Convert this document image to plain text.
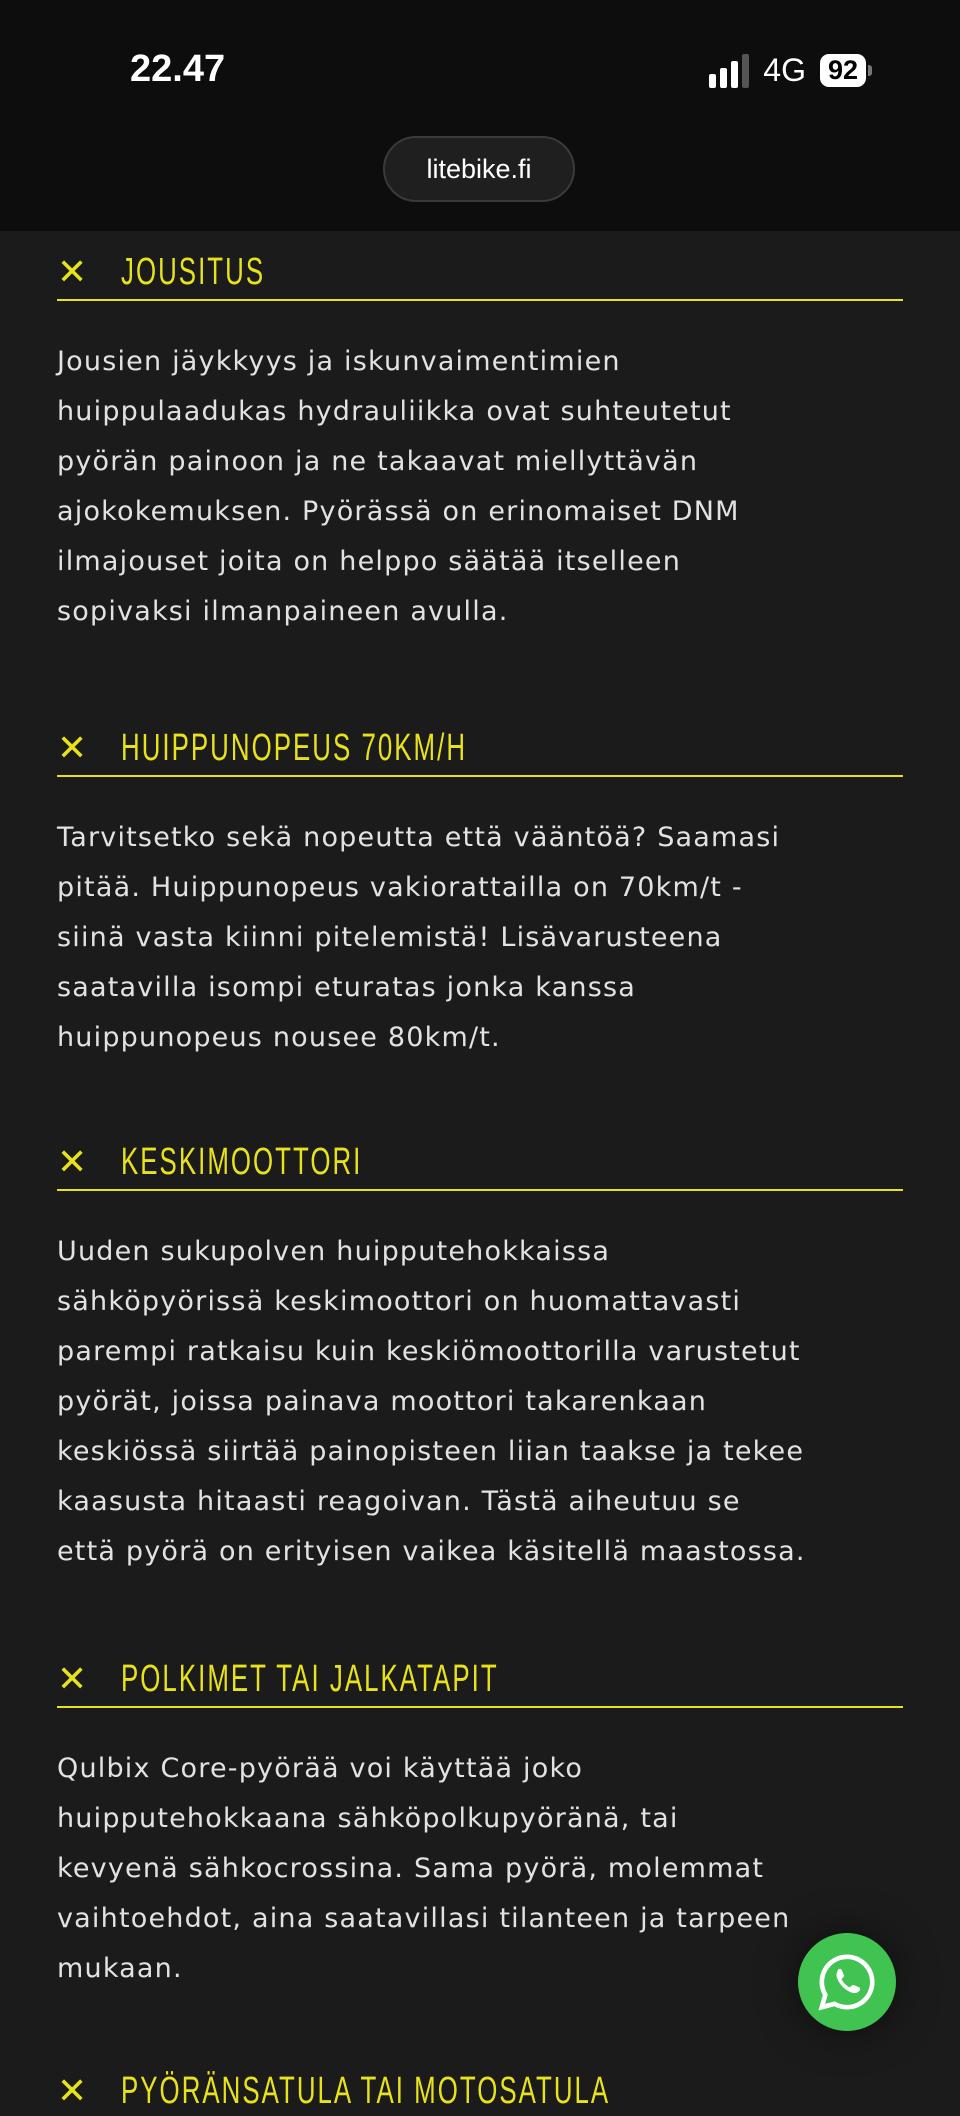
22.47	4G 92
litebike.fi
✕ JOUSITUS
Jousien jäykkyys ja iskunvaimentimien
huippulaadukas hydrauliikka ovat suhteutetut
pyörän painoon ja ne takaavat miellyttävän
ajokokemuksen. Pyörässä on erinomaiset DNM
ilmajouset joita on helppo säätää itselleen
sopivaksi ilmanpaineen avulla.
✕ HUIPPUNOPEUS 70KM/H
Tarvitsetko sekä nopeutta että vääntöä? Saamasi
pitää. Huippunopeus vakiorattailla on 70km/t -
siinä vasta kiinni pitelemistä! Lisävarusteena
saatavilla isompi eturatas jonka kanssa
huippunopeus nousee 80km/t.
✕ KESKIMOOTTORI
Uuden sukupolven huipputehokkaissa
sähköpyörissä keskimoottori on huomattavasti
parempi ratkaisu kuin keskiömoottorilla varustetut
pyörät, joissa painava moottori takarenkaan
keskiössä siirtää painopisteen liian taakse ja tekee
kaasusta hitaasti reagoivan. Tästä aiheutuu se
että pyörä on erityisen vaikea käsitellä maastossa.
✕ POLKIMET TAI JALKATAPIT
Qulbix Core-pyörää voi käyttää joko
huipputehokkaana sähköpolkupyöränä, tai
kevyenä sähkocrossina. Sama pyörä, molemmat
vaihtoehdot, aina saatavillasi tilanteen ja tarpeen
mukaan.
✕ PYÖRÄNSATULA TAI MOTOSATULA
